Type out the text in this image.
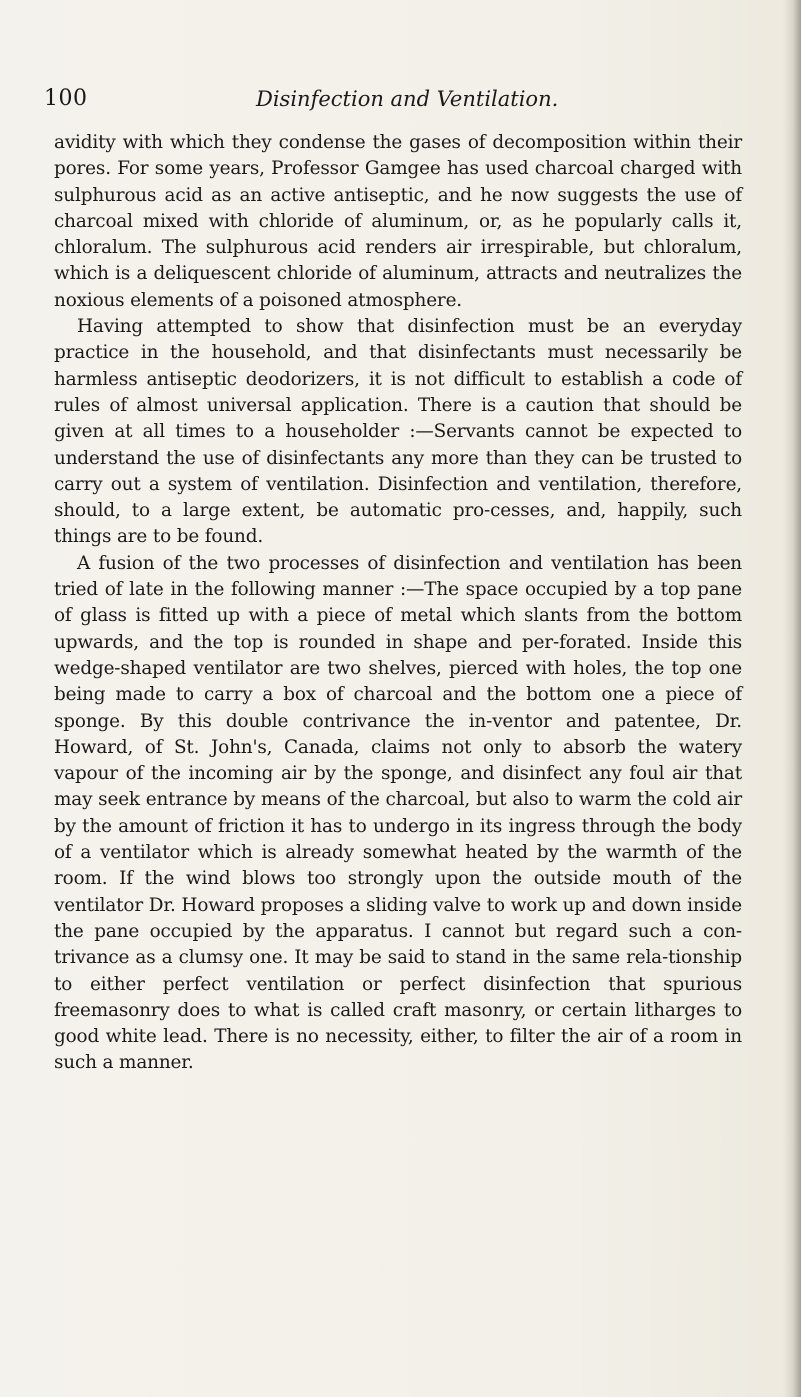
100	Disinfection and Ventilation.

avidity with which they condense the gases of decomposition within their pores. For some years, Professor Gamgee has used charcoal charged with sulphurous acid as an active antiseptic, and he now suggests the use of charcoal mixed with chloride of aluminum, or, as he popularly calls it, chloralum. The sulphurous acid renders air irrespirable, but chloralum, which is a deliquescent chloride of aluminum, attracts and neutralizes the noxious elements of a poisoned atmosphere.

Having attempted to show that disinfection must be an everyday practice in the household, and that disinfectants must necessarily be harmless antiseptic deodorizers, it is not difficult to establish a code of rules of almost universal application. There is a caution that should be given at all times to a householder :—Servants cannot be expected to understand the use of disinfectants any more than they can be trusted to carry out a system of ventilation. Disinfection and ventilation, therefore, should, to a large extent, be automatic pro-cesses, and, happily, such things are to be found.

A fusion of the two processes of disinfection and ventilation has been tried of late in the following manner :—The space occupied by a top pane of glass is fitted up with a piece of metal which slants from the bottom upwards, and the top is rounded in shape and per-forated. Inside this wedge-shaped ventilator are two shelves, pierced with holes, the top one being made to carry a box of charcoal and the bottom one a piece of sponge. By this double contrivance the in-ventor and patentee, Dr. Howard, of St. John's, Canada, claims not only to absorb the watery vapour of the incoming air by the sponge, and disinfect any foul air that may seek entrance by means of the charcoal, but also to warm the cold air by the amount of friction it has to undergo in its ingress through the body of a ventilator which is already somewhat heated by the warmth of the room. If the wind blows too strongly upon the outside mouth of the ventilator Dr. Howard proposes a sliding valve to work up and down inside the pane occupied by the apparatus. I cannot but regard such a con-trivance as a clumsy one. It may be said to stand in the same rela-tionship to either perfect ventilation or perfect disinfection that spurious freemasonry does to what is called craft masonry, or certain litharges to good white lead. There is no necessity, either, to filter the air of a room in such a manner.
